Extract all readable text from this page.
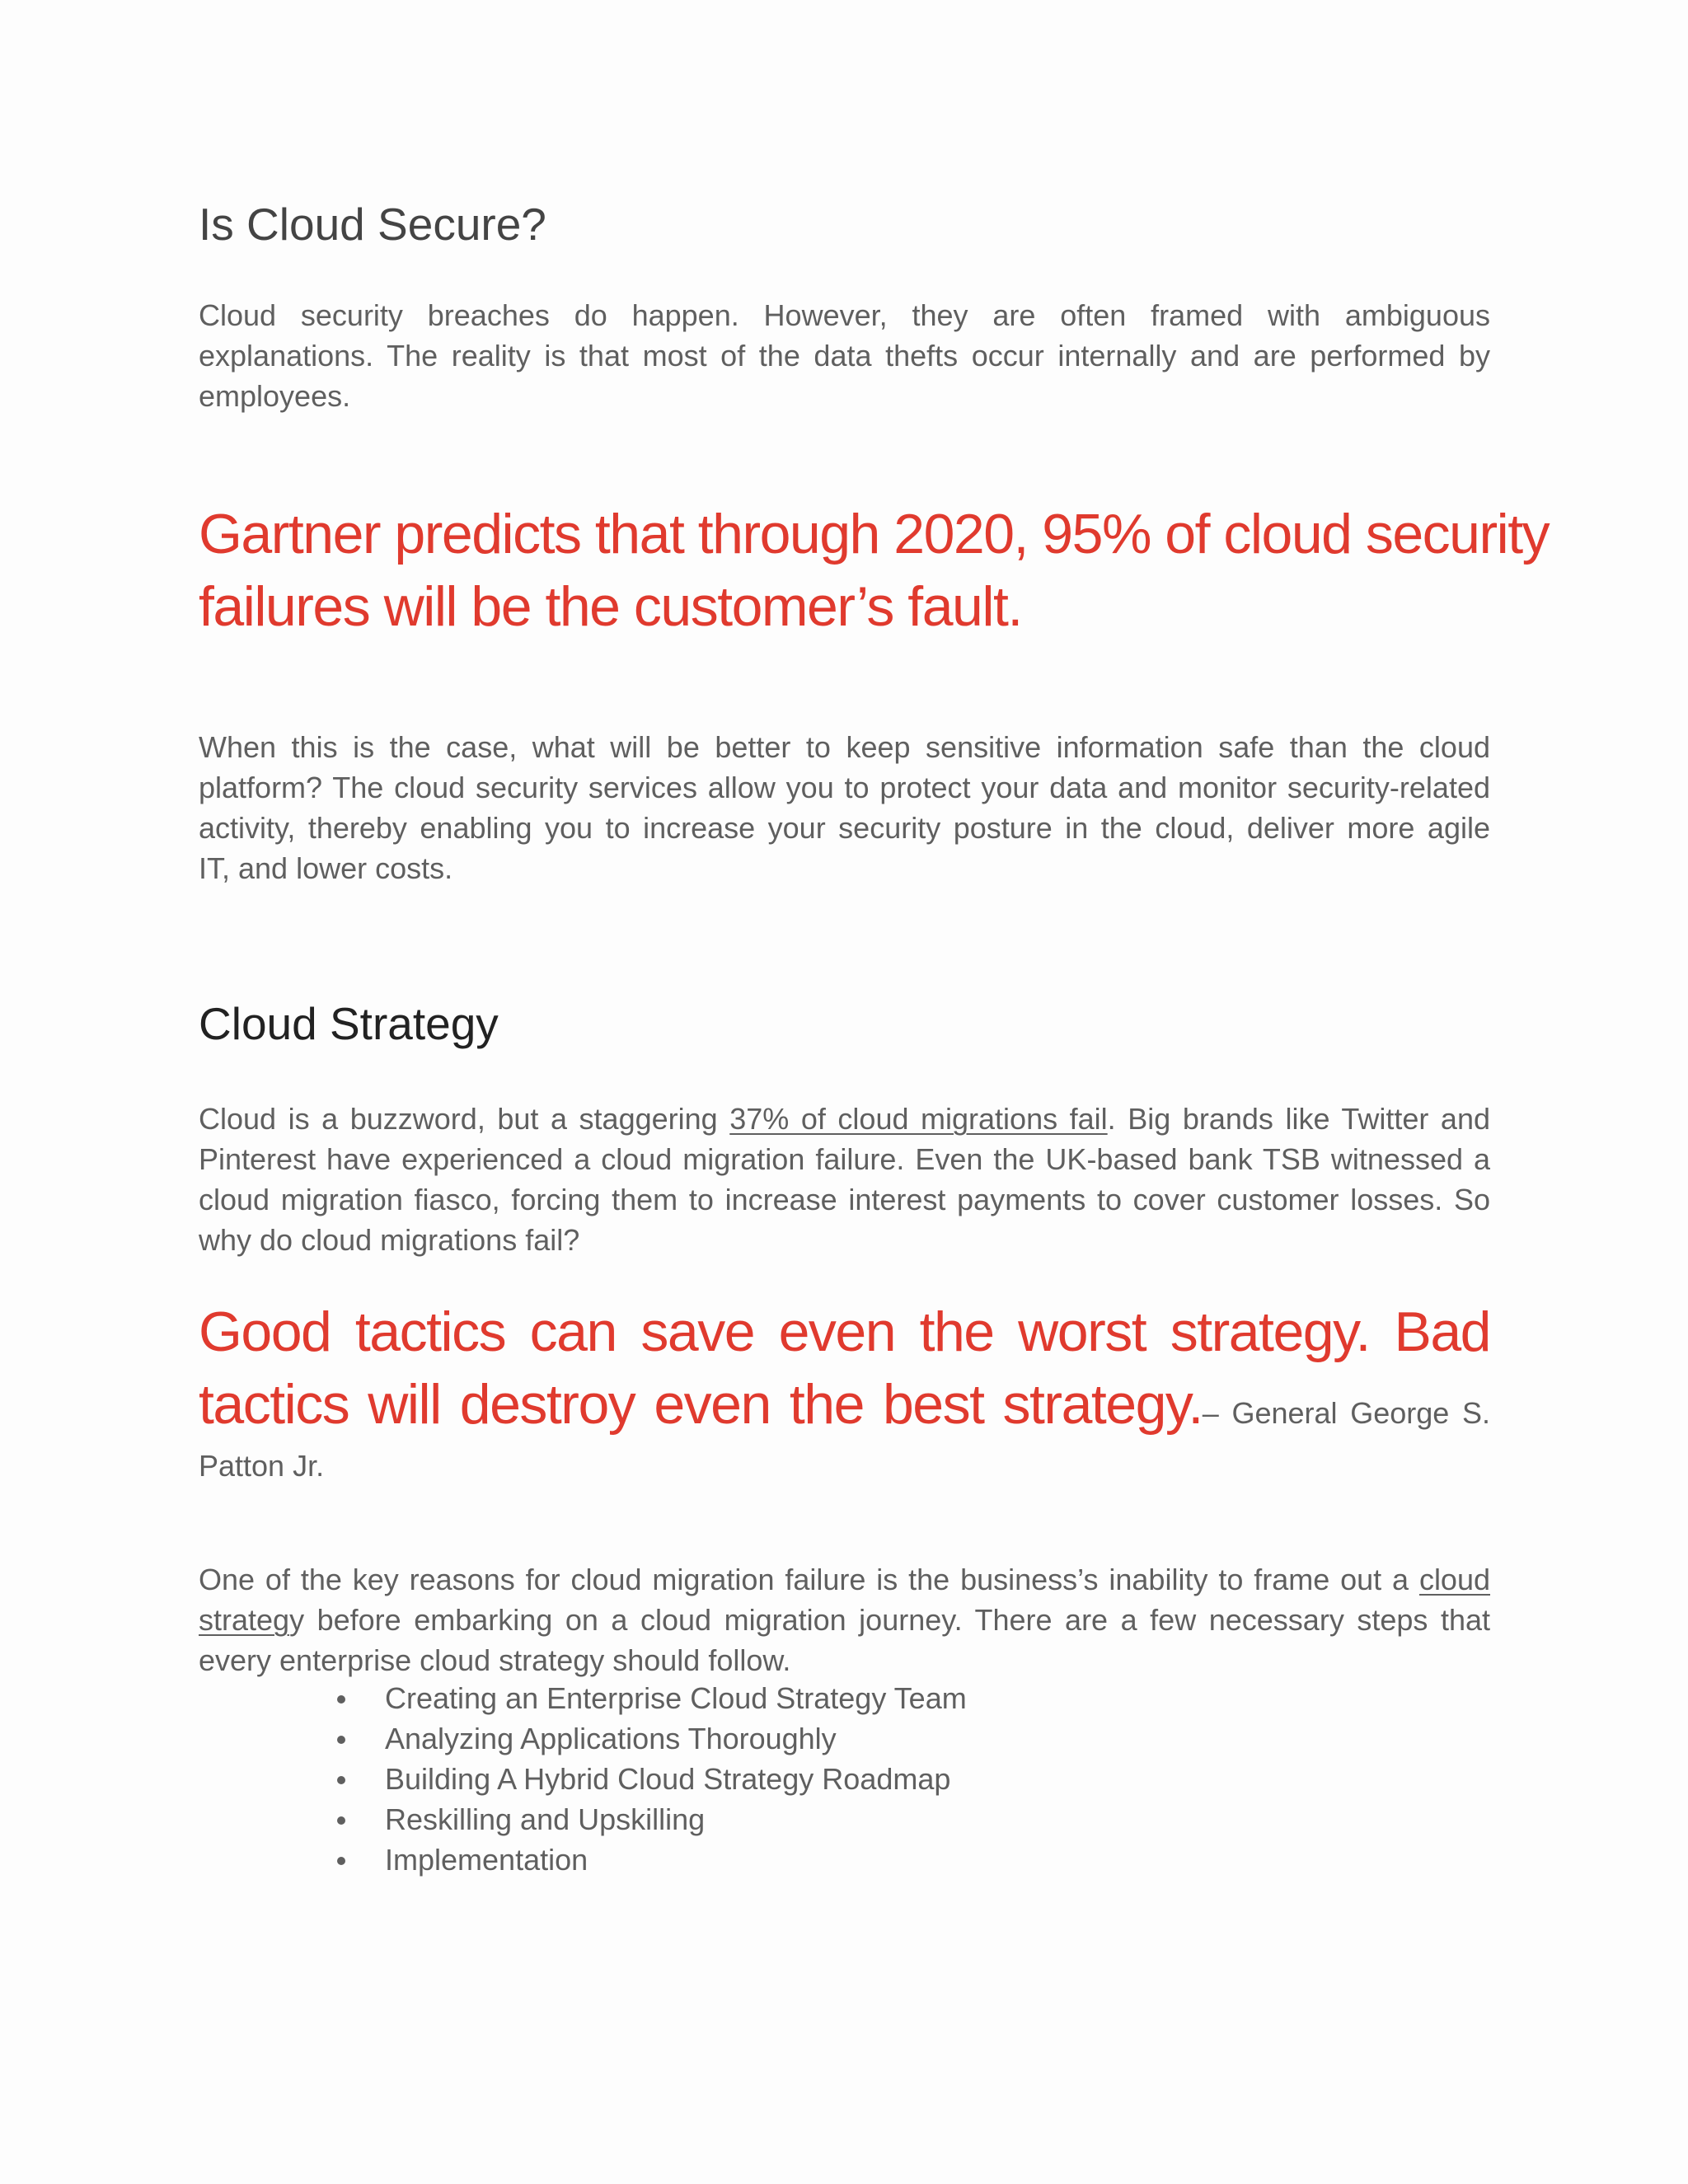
Is Cloud Secure?

Cloud security breaches do happen. However, they are often framed with ambiguous
explanations. The reality is that most of the data thefts occur internally and are performed by
employees.

Gartner predicts that through 2020, 95% of cloud security
failures will be the customer’s fault.

When this is the case, what will be better to keep sensitive information safe than the cloud
platform? The cloud security services allow you to protect your data and monitor security-related
activity, thereby enabling you to increase your security posture in the cloud, deliver more agile
IT, and lower costs.

Cloud Strategy

Cloud is a buzzword, but a staggering 37% of cloud migrations fail. Big brands like Twitter and
Pinterest have experienced a cloud migration failure. Even the UK-based bank TSB witnessed a
cloud migration fiasco, forcing them to increase interest payments to cover customer losses. So
why do cloud migrations fail?

Good tactics can save even the worst strategy. Bad
tactics will destroy even the best strategy.– General George S.
Patton Jr.

One of the key reasons for cloud migration failure is the business’s inability to frame out a cloud
strategy before embarking on a cloud migration journey. There are a few necessary steps that
every enterprise cloud strategy should follow.

Creating an Enterprise Cloud Strategy Team
Analyzing Applications Thoroughly
Building A Hybrid Cloud Strategy Roadmap
Reskilling and Upskilling
Implementation
